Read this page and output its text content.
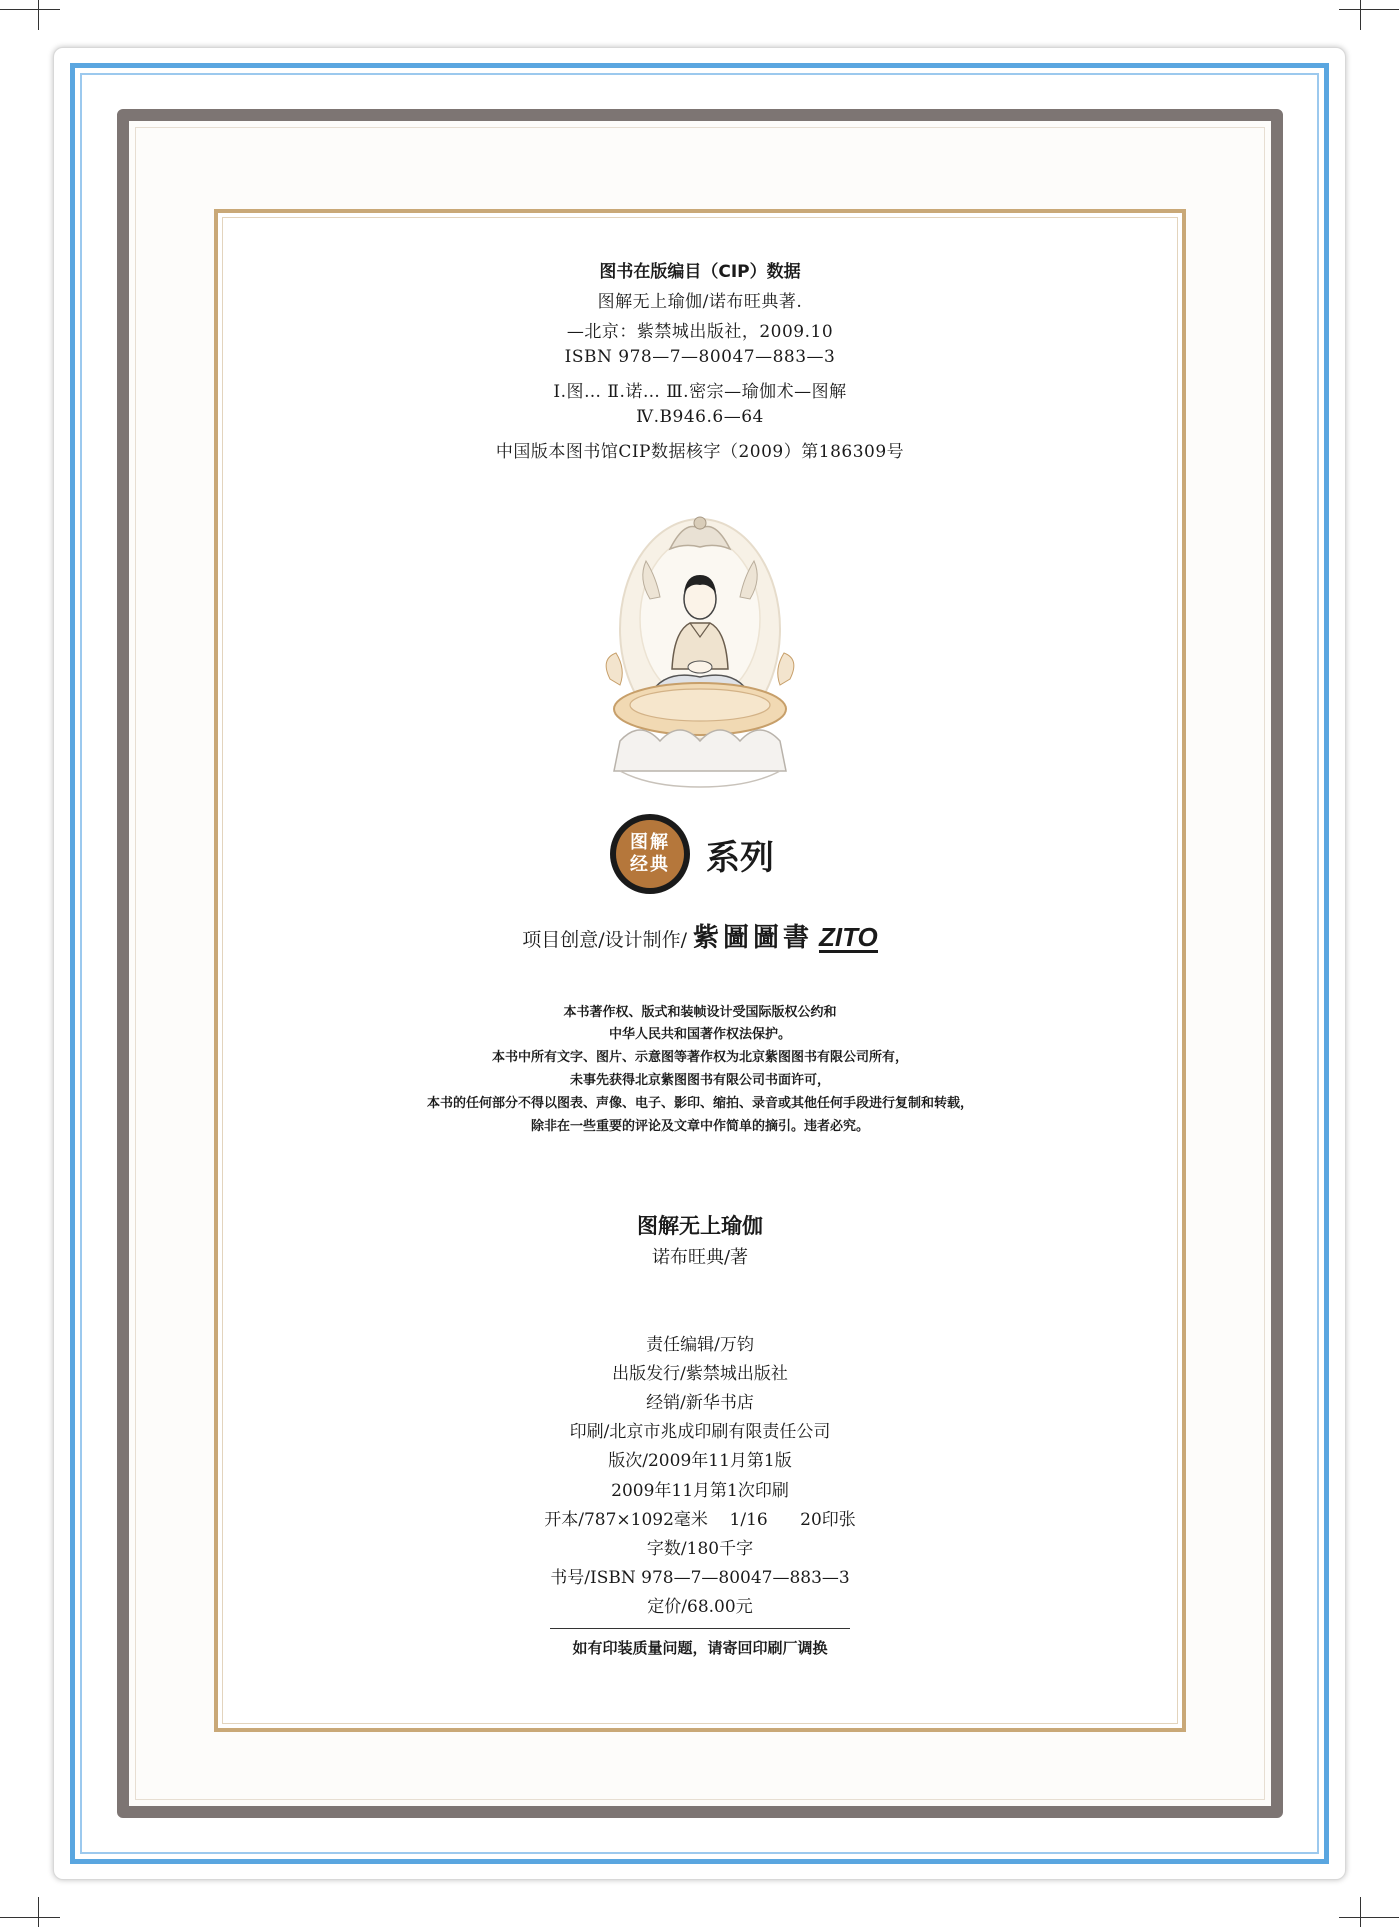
图书在版编目（CIP）数据
图解无上瑜伽/诺布旺典著.
—北京：紫禁城出版社，2009.10
ISBN 978—7—80047—883—3
Ⅰ.图… Ⅱ.诺… Ⅲ.密宗—瑜伽术—图解
Ⅳ.B946.6—64
中国版本图书馆CIP数据核字（2009）第186309号
图解
经典 系列
项目创意/设计制作/ 紫圖圖書 ZITO
本书著作权、版式和装帧设计受国际版权公约和
中华人民共和国著作权法保护。
本书中所有文字、图片、示意图等著作权为北京紫图图书有限公司所有，
未事先获得北京紫图图书有限公司书面许可，
本书的任何部分不得以图表、声像、电子、影印、缩拍、录音或其他任何手段进行复制和转载，
除非在一些重要的评论及文章中作简单的摘引。违者必究。
图解无上瑜伽
诺布旺典/著
责任编辑/万钧
出版发行/紫禁城出版社
经销/新华书店
印刷/北京市兆成印刷有限责任公司
版次/2009年11月第1版
2009年11月第1次印刷
开本/787×1092毫米    1/16      20印张
字数/180千字
书号/ISBN 978—7—80047—883—3
定价/68.00元
如有印装质量问题，请寄回印刷厂调换
